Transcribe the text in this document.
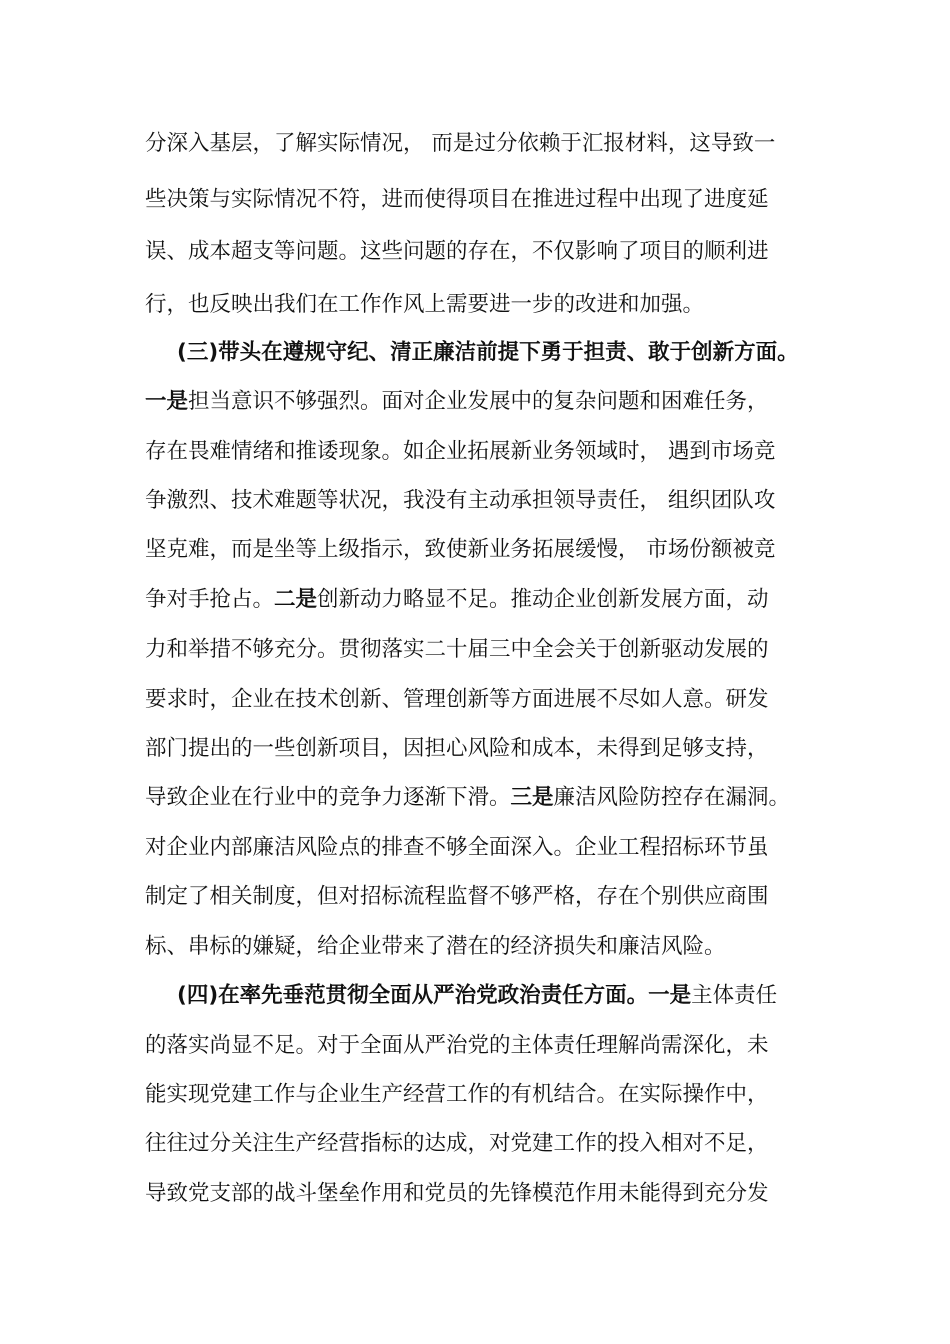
分深入基层，了解实际情况， 而是过分依赖于汇报材料，这导致一
些决策与实际情况不符，进而使得项目在推进过程中出现了进度延
误、成本超支等问题。这些问题的存在，不仅影响了项目的顺利进
行，也反映出我们在工作作风上需要进一步的改进和加强。
(三)带头在遵规守纪、清正廉洁前提下勇于担责、敢于创新方面。
一是担当意识不够强烈。面对企业发展中的复杂问题和困难任务，
存在畏难情绪和推诿现象。如企业拓展新业务领域时， 遇到市场竞
争激烈、技术难题等状况，我没有主动承担领导责任， 组织团队攻
坚克难，而是坐等上级指示，致使新业务拓展缓慢， 市场份额被竞
争对手抢占。二是创新动力略显不足。推动企业创新发展方面，动
力和举措不够充分。贯彻落实二十届三中全会关于创新驱动发展的
要求时，企业在技术创新、管理创新等方面进展不尽如人意。研发
部门提出的一些创新项目，因担心风险和成本，未得到足够支持，
导致企业在行业中的竞争力逐渐下滑。三是廉洁风险防控存在漏洞。
对企业内部廉洁风险点的排查不够全面深入。企业工程招标环节虽
制定了相关制度，但对招标流程监督不够严格，存在个别供应商围
标、串标的嫌疑，给企业带来了潜在的经济损失和廉洁风险。
(四)在率先垂范贯彻全面从严治党政治责任方面。一是主体责任
的落实尚显不足。对于全面从严治党的主体责任理解尚需深化，未
能实现党建工作与企业生产经营工作的有机结合。在实际操作中，
往往过分关注生产经营指标的达成，对党建工作的投入相对不足，
导致党支部的战斗堡垒作用和党员的先锋模范作用未能得到充分发
